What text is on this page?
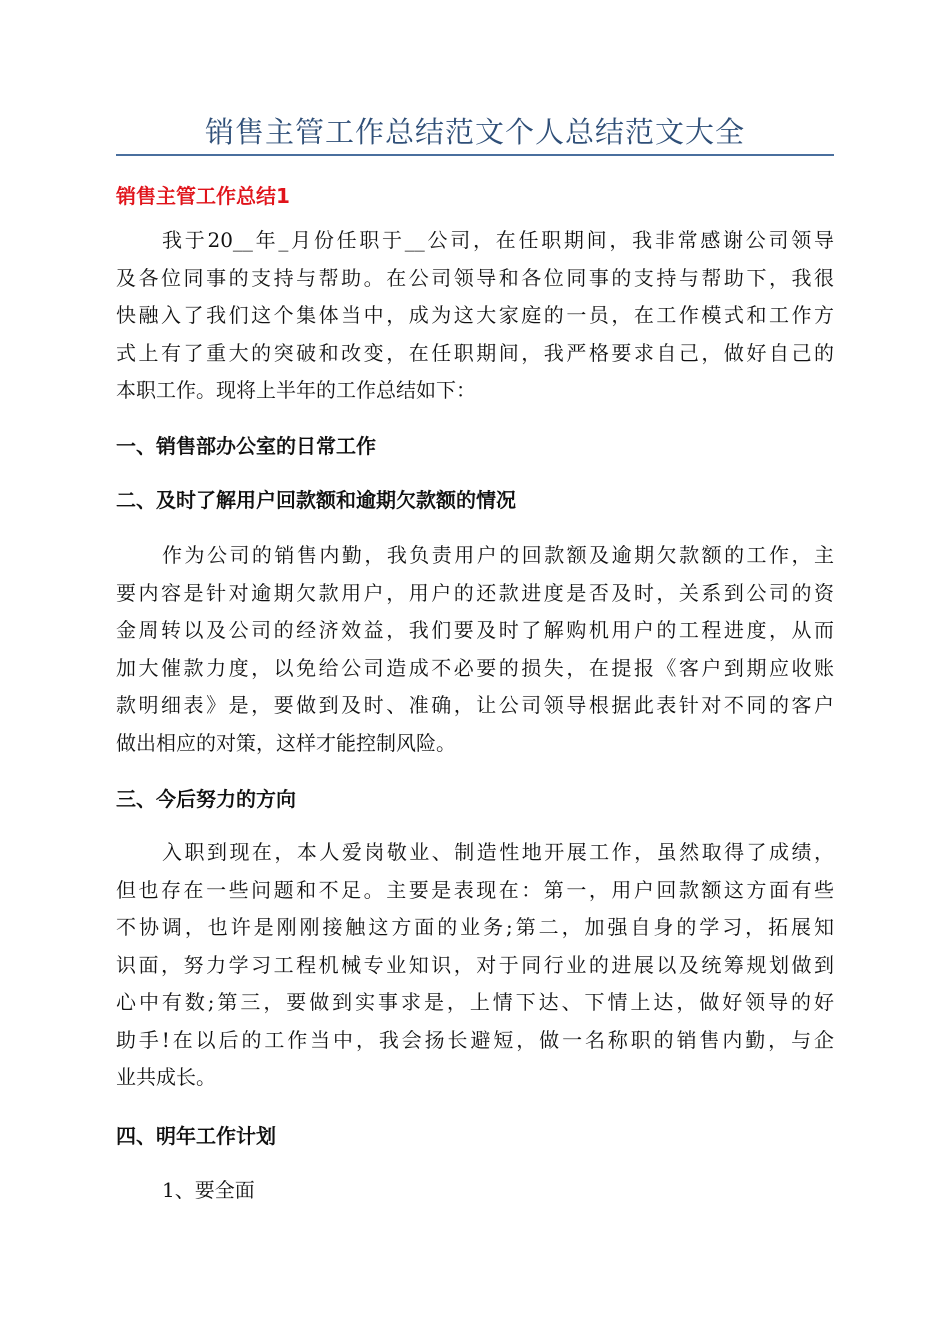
销售主管工作总结范文个人总结范文大全
销售主管工作总结1
我于20__年_月份任职于__公司，在任职期间，我非常感谢公司领导
及各位同事的支持与帮助。在公司领导和各位同事的支持与帮助下，我很
快融入了我们这个集体当中，成为这大家庭的一员，在工作模式和工作方
式上有了重大的突破和改变，在任职期间，我严格要求自己，做好自己的
本职工作。现将上半年的工作总结如下：
一、销售部办公室的日常工作
二、及时了解用户回款额和逾期欠款额的情况
作为公司的销售内勤，我负责用户的回款额及逾期欠款额的工作，主
要内容是针对逾期欠款用户，用户的还款进度是否及时，关系到公司的资
金周转以及公司的经济效益，我们要及时了解购机用户的工程进度，从而
加大催款力度，以免给公司造成不必要的损失，在提报《客户到期应收账
款明细表》是，要做到及时、准确，让公司领导根据此表针对不同的客户
做出相应的对策，这样才能控制风险。
三、今后努力的方向
入职到现在，本人爱岗敬业、制造性地开展工作，虽然取得了成绩，
但也存在一些问题和不足。主要是表现在：第一，用户回款额这方面有些
不协调，也许是刚刚接触这方面的业务;第二，加强自身的学习，拓展知
识面，努力学习工程机械专业知识，对于同行业的进展以及统筹规划做到
心中有数;第三，要做到实事求是，上情下达、下情上达，做好领导的好
助手!在以后的工作当中，我会扬长避短，做一名称职的销售内勤，与企
业共成长。
四、明年工作计划
1、要全面
